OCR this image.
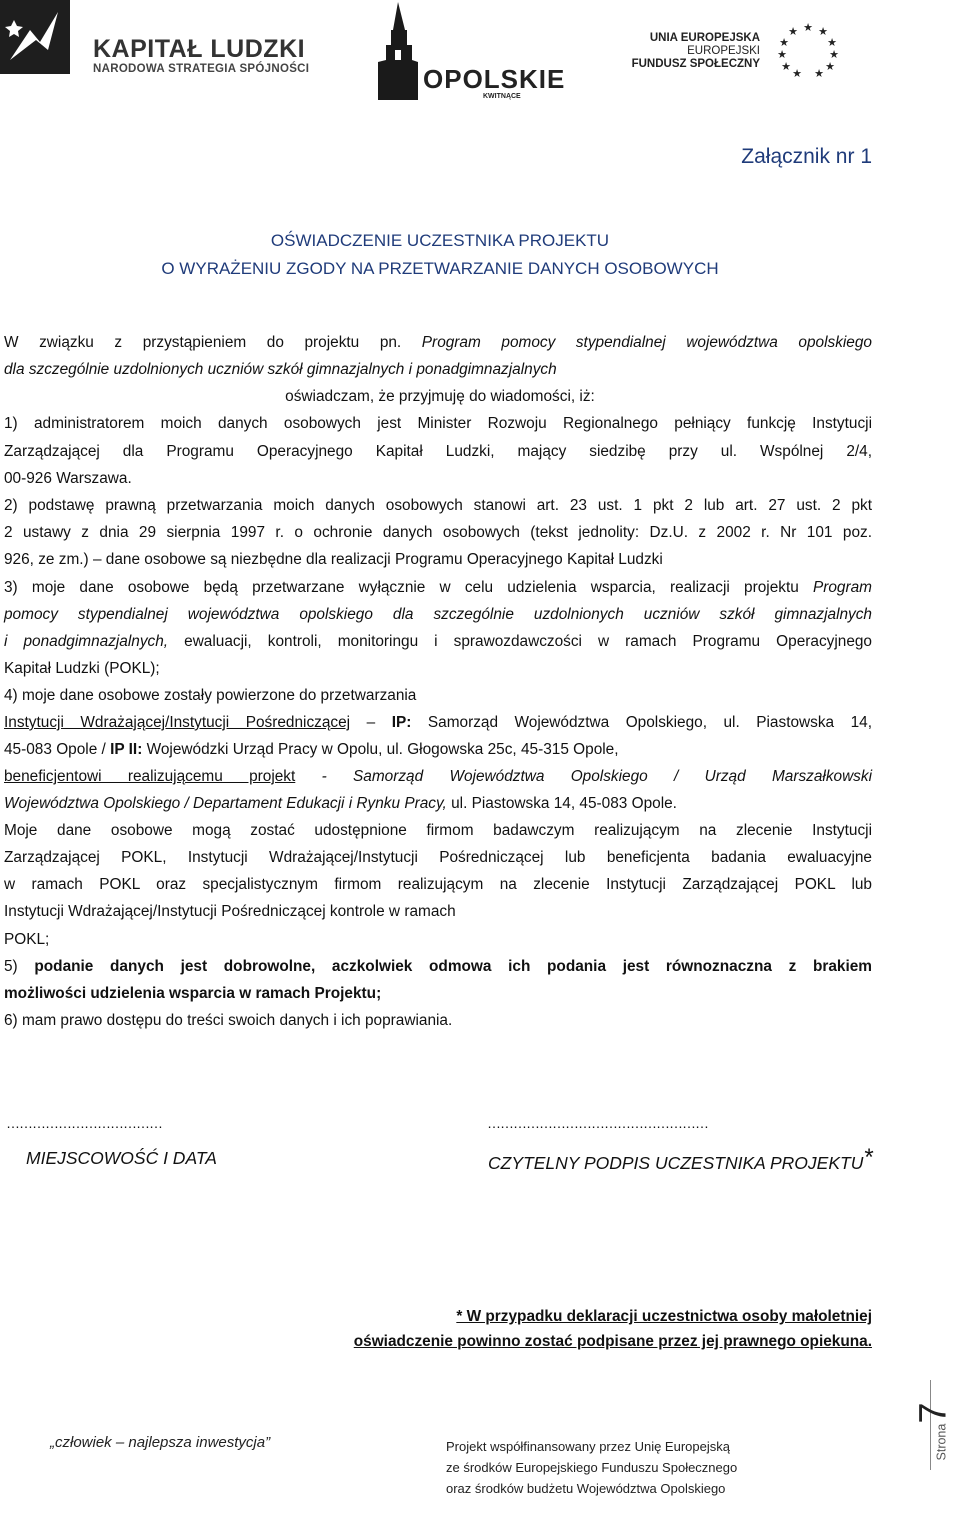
KAPITAŁ LUDZKI
NARODOWA STRATEGIA SPÓJNOŚCI	OPOLSKIE
KWITNĄCE
UNIA EUROPEJSKA
EUROPEJSKI
FUNDUSZ SPOŁECZNY
★ ★
★
★
★
★
★
★
★
★
★
Załącznik nr 1
OŚWIADCZENIE UCZESTNIKA PROJEKTU
O WYRAŻENIU ZGODY NA PRZETWARZANIE DANYCH OSOBOWYCH
W związku z przystąpieniem do projektu pn. Program pomocy stypendialnej województwa opolskiego
dla szczególnie uzdolnionych uczniów szkół gimnazjalnych i ponadgimnazjalnych
oświadczam, że przyjmuję do wiadomości, iż:
1) administratorem moich danych osobowych jest Minister Rozwoju Regionalnego pełniący funkcję Instytucji
Zarządzającej dla Programu Operacyjnego Kapitał Ludzki, mający siedzibę przy ul. Wspólnej 2/4,
00-926 Warszawa.
2) podstawę prawną przetwarzania moich danych osobowych stanowi art. 23 ust. 1 pkt 2 lub art. 27 ust. 2 pkt
2 ustawy z dnia 29 sierpnia 1997 r. o ochronie danych osobowych (tekst jednolity: Dz.U. z 2002 r. Nr 101 poz.
926, ze zm.) – dane osobowe są niezbędne dla realizacji Programu Operacyjnego Kapitał Ludzki
3) moje dane osobowe będą przetwarzane wyłącznie w celu udzielenia wsparcia, realizacji projektu Program
pomocy stypendialnej województwa opolskiego dla szczególnie uzdolnionych uczniów szkół gimnazjalnych
i ponadgimnazjalnych, ewaluacji, kontroli, monitoringu i sprawozdawczości w ramach Programu Operacyjnego
Kapitał Ludzki (POKL);
4) moje dane osobowe zostały powierzone do przetwarzania
Instytucji Wdrażającej/Instytucji Pośredniczącej – IP: Samorząd Województwa Opolskiego, ul. Piastowska 14,
45-083 Opole / IP II: Wojewódzki Urząd Pracy w Opolu, ul. Głogowska 25c, 45-315 Opole,
beneficjentowi realizującemu projekt - Samorząd Województwa Opolskiego / Urząd Marszałkowski
Województwa Opolskiego / Departament Edukacji i Rynku Pracy, ul. Piastowska 14, 45-083 Opole.
Moje dane osobowe mogą zostać udostępnione firmom badawczym realizującym na zlecenie Instytucji
Zarządzającej POKL, Instytucji Wdrażającej/Instytucji Pośredniczącej lub beneficjenta badania ewaluacyjne
w ramach POKL oraz specjalistycznym firmom realizującym na zlecenie Instytucji Zarządzającej POKL lub
Instytucji Wdrażającej/Instytucji Pośredniczącej kontrole w ramach
POKL;
5) podanie danych jest dobrowolne, aczkolwiek odmowa ich podania jest równoznaczna z brakiem
możliwości udzielenia wsparcia w ramach Projektu;
6) mam prawo dostępu do treści swoich danych i ich poprawiania.
………………………………	……………………………………………
MIEJSCOWOŚĆ I DATA	CZYTELNY PODPIS UCZESTNIKA PROJEKTU*
* W przypadku deklaracji uczestnictwa osoby małoletniej
oświadczenie powinno zostać podpisane przez jej prawnego opiekuna.
Strona7
„człowiek – najlepsza inwestycja”	Projekt współfinansowany przez Unię Europejską
ze środków Europejskiego Funduszu Społecznego
oraz środków budżetu Województwa Opolskiego
